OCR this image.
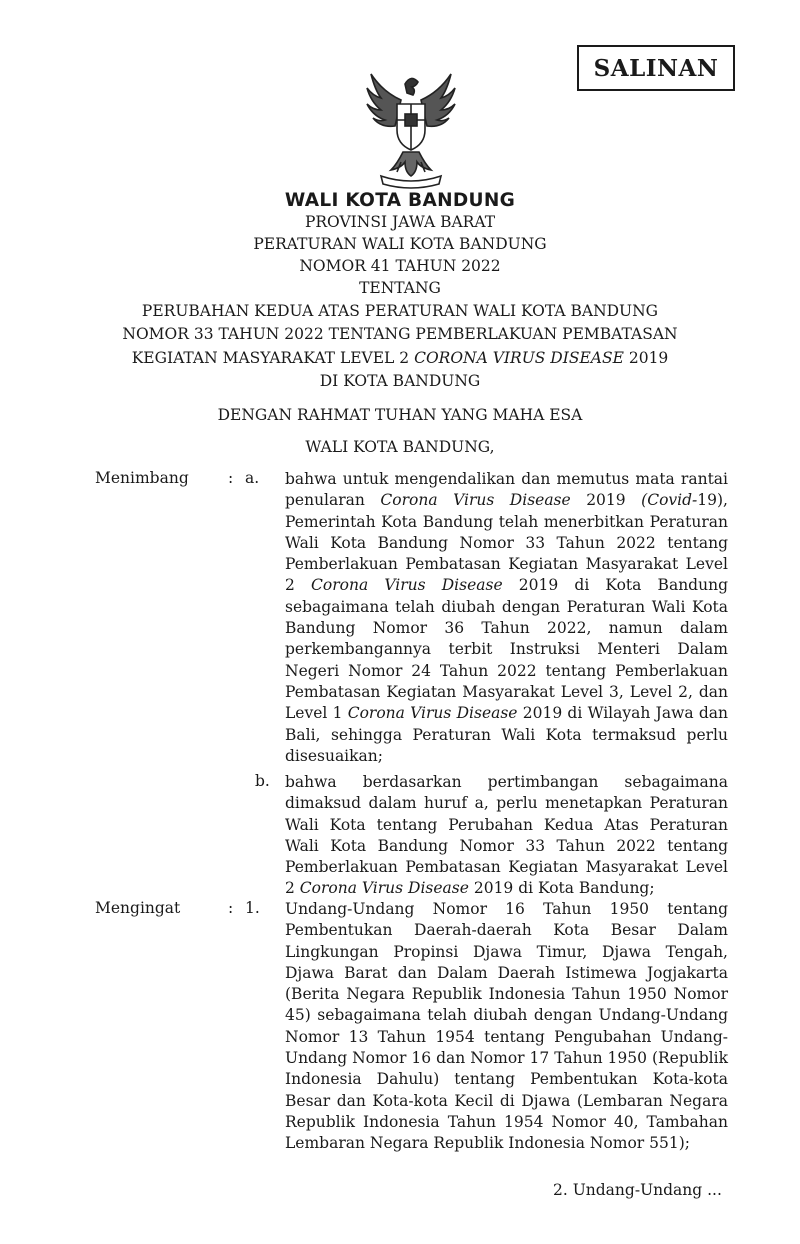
SALINAN
WALI KOTA BANDUNG
PROVINSI JAWA BARAT
PERATURAN WALI KOTA BANDUNG
NOMOR 41 TAHUN 2022
TENTANG
PERUBAHAN KEDUA ATAS PERATURAN WALI KOTA BANDUNG
NOMOR 33 TAHUN 2022 TENTANG PEMBERLAKUAN PEMBATASAN
KEGIATAN MASYARAKAT LEVEL 2 CORONA VIRUS DISEASE 2019
DI KOTA BANDUNG
DENGAN RAHMAT TUHAN YANG MAHA ESA
WALI KOTA BANDUNG,
Menimbang	: a. bahwa untuk mengendalikan dan memutus mata rantai penularan Corona Virus Disease 2019 (Covid-19), Pemerintah Kota Bandung telah menerbitkan Peraturan Wali Kota Bandung Nomor 33 Tahun 2022 tentang Pemberlakuan Pembatasan Kegiatan Masyarakat Level 2 Corona Virus Disease 2019 di Kota Bandung sebagaimana telah diubah dengan Peraturan Wali Kota Bandung Nomor 36 Tahun 2022, namun dalam perkembangannya terbit Instruksi Menteri Dalam Negeri Nomor 24 Tahun 2022 tentang Pemberlakuan Pembatasan Kegiatan Masyarakat Level 3, Level 2, dan Level 1 Corona Virus Disease 2019 di Wilayah Jawa dan Bali, sehingga Peraturan Wali Kota termaksud perlu disesuaikan;

b. bahwa berdasarkan pertimbangan sebagaimana dimaksud dalam huruf a, perlu menetapkan Peraturan Wali Kota tentang Perubahan Kedua Atas Peraturan Wali Kota Bandung Nomor 33 Tahun 2022 tentang Pemberlakuan Pembatasan Kegiatan Masyarakat Level 2 Corona Virus Disease 2019 di Kota Bandung;

Mengingat	: 1. Undang-Undang Nomor 16 Tahun 1950 tentang Pembentukan Daerah-daerah Kota Besar Dalam Lingkungan Propinsi Djawa Timur, Djawa Tengah, Djawa Barat dan Dalam Daerah Istimewa Jogjakarta (Berita Negara Republik Indonesia Tahun 1950 Nomor 45) sebagaimana telah diubah dengan Undang-Undang Nomor 13 Tahun 1954 tentang Pengubahan Undang-Undang Nomor 16 dan Nomor 17 Tahun 1950 (Republik Indonesia Dahulu) tentang Pembentukan Kota-kota Besar dan Kota-kota Kecil di Djawa (Lembaran Negara Republik Indonesia Tahun 1954 Nomor 40, Tambahan Lembaran Negara Republik Indonesia Nomor 551);

2. Undang-Undang ...
